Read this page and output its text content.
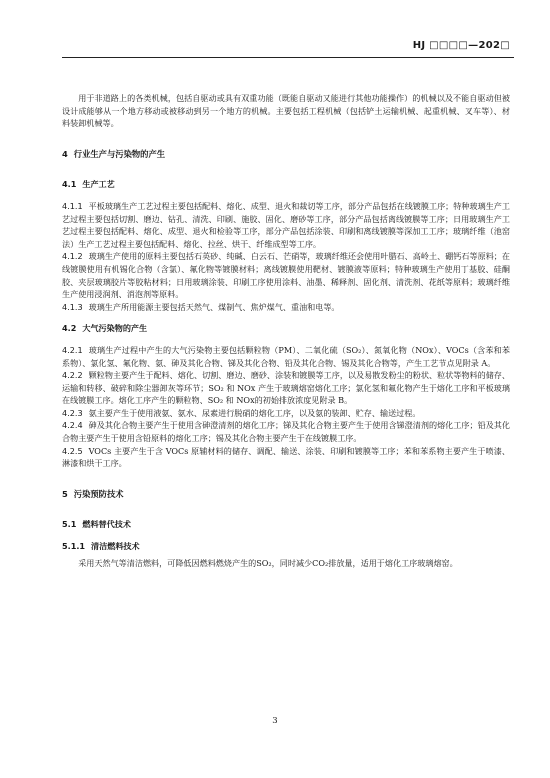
HJ □□□□—202□

用于非道路上的各类机械，包括自驱动或具有双重功能（既能自驱动又能进行其他功能操作）的机械以及不能自驱动但被设计成能够从一个地方移动或被移动到另一个地方的机械。主要包括工程机械（包括铲土运输机械、起重机械、叉车等）、材料装卸机械等。

4 行业生产与污染物的产生

4.1 生产工艺

4.1.1 平板玻璃生产工艺过程主要包括配料、熔化、成型、退火和裁切等工序，部分产品包括在线镀膜工序；特种玻璃生产工艺过程主要包括切割、磨边、钻孔、清洗、印刷、施胶、固化、磨砂等工序，部分产品包括离线镀膜等工序；日用玻璃生产工艺过程主要包括配料、熔化、成型、退火和检验等工序，部分产品包括涂装、印刷和离线镀膜等深加工工序；玻璃纤维（池窑法）生产工艺过程主要包括配料、熔化、拉丝、烘干、纤维成型等工序。

4.1.2 玻璃生产使用的原料主要包括石英砂、纯碱、白云石、芒硝等，玻璃纤维还会使用叶腊石、高岭土、硼钙石等原料；在线镀膜使用有机锡化合物（含氯）、氟化物等镀膜材料；离线镀膜使用靶材、镀膜液等原料；特种玻璃生产使用丁基胶、硅酮胶、夹层玻璃胶片等胶粘材料；日用玻璃涂装、印刷工序使用涂料、油墨、稀释剂、固化剂、清洗剂、花纸等原料；玻璃纤维生产使用浸润剂、消泡剂等原料。

4.1.3 玻璃生产所用能源主要包括天然气、煤制气、焦炉煤气、重油和电等。

4.2 大气污染物的产生

4.2.1 玻璃生产过程中产生的大气污染物主要包括颗粒物（PM）、二氧化硫（SO₂）、氮氧化物（NOx）、VOCs（含苯和苯系物）、氯化氢、氟化物、氨、砷及其化合物、锑及其化合物、铅及其化合物、锡及其化合物等，产生工艺节点见附录 A。

4.2.2 颗粒物主要产生于配料、熔化、切割、磨边、磨砂、涂装和镀膜等工序，以及易散发粉尘的粉状、粒状等物料的储存、运输和转移、破碎和除尘器卸灰等环节；SO₂ 和 NOx 产生于玻璃熔窑熔化工序；氯化氢和氟化物产生于熔化工序和平板玻璃在线镀膜工序。熔化工序产生的颗粒物、SO₂ 和 NOx的初始排放浓度见附录 B。

4.2.3 氨主要产生于使用液氨、氨水、尿素进行脱硝的熔化工序，以及氨的装卸、贮存、输送过程。

4.2.4 砷及其化合物主要产生于使用含砷澄清剂的熔化工序；锑及其化合物主要产生于使用含锑澄清剂的熔化工序；铅及其化合物主要产生于使用含铅原料的熔化工序；锡及其化合物主要产生于在线镀膜工序。

4.2.5 VOCs 主要产生于含 VOCs 原辅材料的储存、调配、输送、涂装、印刷和镀膜等工序；苯和苯系物主要产生于喷漆、淋漆和烘干工序。

5 污染预防技术

5.1 燃料替代技术

5.1.1 清洁燃料技术

采用天然气等清洁燃料，可降低因燃料燃烧产生的SO₂，同时减少CO₂排放量，适用于熔化工序玻璃熔窑。

3
